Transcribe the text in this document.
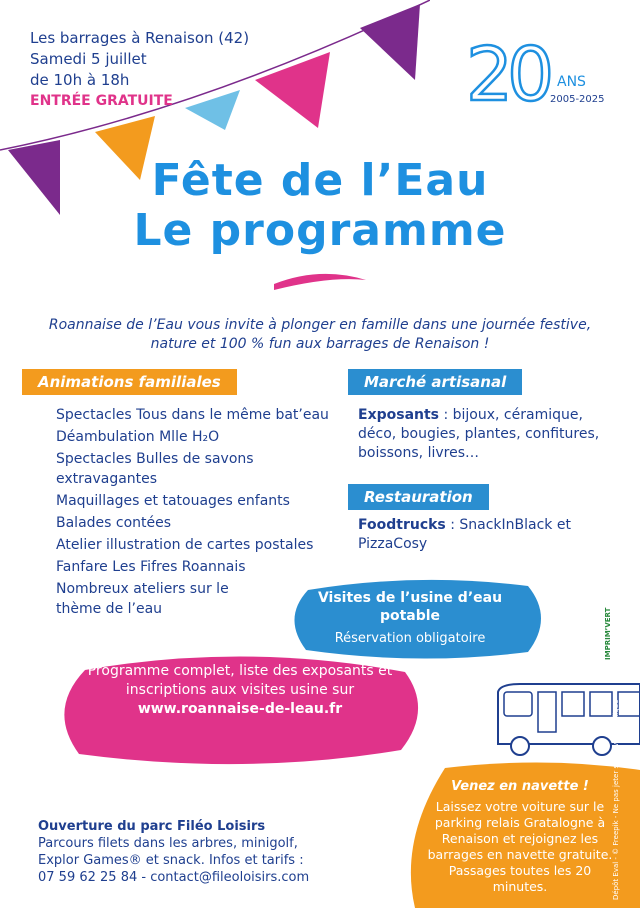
Les barrages à Renaison (42)
Samedi 5 juillet
de 10h à 18h
ENTRÉE GRATUITE	20 ANS
2005-2025
Fête de l’Eau
Le programme
Roannaise de l’Eau vous invite à plonger en famille dans une journée festive, nature et 100 % fun aux barrages de Renaison !
Animations familiales
Spectacles Tous dans le même bat’eau
Déambulation Mlle H₂O
Spectacles Bulles de savons extravagantes
Maquillages et tatouages enfants
Balades contées
Atelier illustration de cartes postales
Fanfare Les Fifres Roannais
Nombreux ateliers sur le thème de l’eau
Marché artisanal
Exposants : bijoux, céramique, déco, bougies, plantes, confitures, boissons, livres…
Restauration
Foodtrucks : SnackInBlack et PizzaCosy
Visites de l’usine d’eau potable
Réservation obligatoire
Programme complet, liste des exposants et inscriptions aux visites usine sur www.roannaise-de-leau.fr
Venez en navette !
Laissez votre voiture sur le parking relais Gratalogne à Renaison et rejoignez les barrages en navette gratuite. Passages toutes les 20 minutes.
Ouverture du parc Filéo Loisirs
Parcours filets dans les arbres, minigolf, Explor Games® et snack. Infos et tarifs :
07 59 62 25 84 - contact@fileoloisirs.com
IMPRIM’VERT
Dépôt Eval - © Freepik - Ne pas jeter sur la voie publique
